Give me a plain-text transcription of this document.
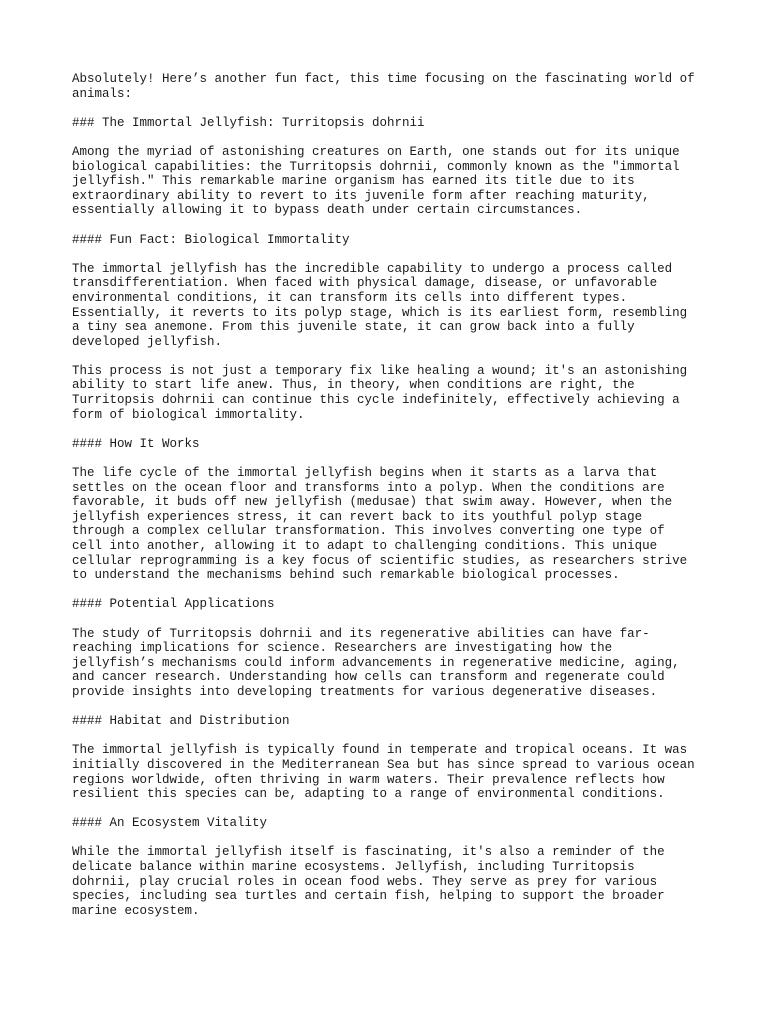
Absolutely! Here’s another fun fact, this time focusing on the fascinating world of
animals:

### The Immortal Jellyfish: Turritopsis dohrnii

Among the myriad of astonishing creatures on Earth, one stands out for its unique
biological capabilities: the Turritopsis dohrnii, commonly known as the "immortal
jellyfish." This remarkable marine organism has earned its title due to its
extraordinary ability to revert to its juvenile form after reaching maturity,
essentially allowing it to bypass death under certain circumstances.

#### Fun Fact: Biological Immortality

The immortal jellyfish has the incredible capability to undergo a process called
transdifferentiation. When faced with physical damage, disease, or unfavorable
environmental conditions, it can transform its cells into different types.
Essentially, it reverts to its polyp stage, which is its earliest form, resembling
a tiny sea anemone. From this juvenile state, it can grow back into a fully
developed jellyfish.

This process is not just a temporary fix like healing a wound; it's an astonishing
ability to start life anew. Thus, in theory, when conditions are right, the
Turritopsis dohrnii can continue this cycle indefinitely, effectively achieving a
form of biological immortality.

#### How It Works

The life cycle of the immortal jellyfish begins when it starts as a larva that
settles on the ocean floor and transforms into a polyp. When the conditions are
favorable, it buds off new jellyfish (medusae) that swim away. However, when the
jellyfish experiences stress, it can revert back to its youthful polyp stage
through a complex cellular transformation. This involves converting one type of
cell into another, allowing it to adapt to challenging conditions. This unique
cellular reprogramming is a key focus of scientific studies, as researchers strive
to understand the mechanisms behind such remarkable biological processes.

#### Potential Applications

The study of Turritopsis dohrnii and its regenerative abilities can have far-
reaching implications for science. Researchers are investigating how the
jellyfish’s mechanisms could inform advancements in regenerative medicine, aging,
and cancer research. Understanding how cells can transform and regenerate could
provide insights into developing treatments for various degenerative diseases.

#### Habitat and Distribution

The immortal jellyfish is typically found in temperate and tropical oceans. It was
initially discovered in the Mediterranean Sea but has since spread to various ocean
regions worldwide, often thriving in warm waters. Their prevalence reflects how
resilient this species can be, adapting to a range of environmental conditions.

#### An Ecosystem Vitality

While the immortal jellyfish itself is fascinating, it's also a reminder of the
delicate balance within marine ecosystems. Jellyfish, including Turritopsis
dohrnii, play crucial roles in ocean food webs. They serve as prey for various
species, including sea turtles and certain fish, helping to support the broader
marine ecosystem.
